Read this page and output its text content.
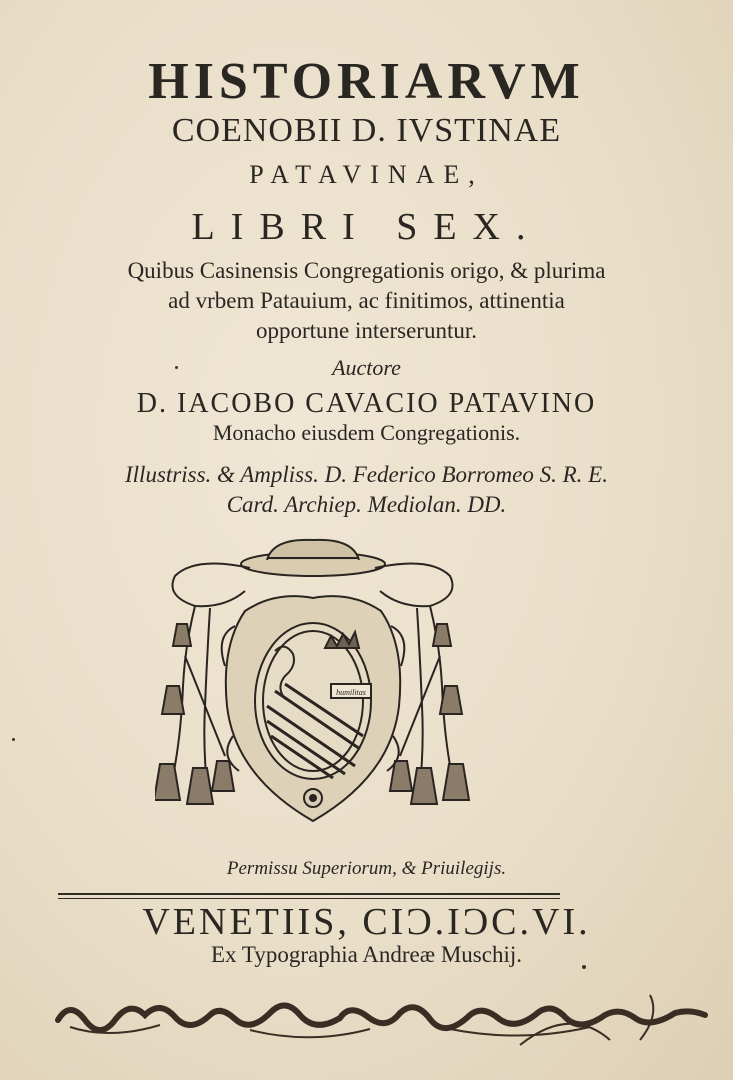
HISTORIARVM
COENOBII D. IVSTINAE
PATAVINAE,
LIBRI SEX.
Quibus Casinensis Congregationis origo, & plurima
ad vrbem Patauium, ac finitimos, attinentia
opportune interseruntur.
Auctore
D. IACOBO CAVACIO PATAVINO
Monacho eiusdem Congregationis.
Illustriss. & Ampliss. D. Federico Borromeo S. R. E.
Card. Archiep. Mediolan. DD.
humilitas
Permissu Superiorum, & Priuilegijs.
VENETIIS, CIƆ.IƆC.VI.
Ex Typographia Andreæ Muschij.
